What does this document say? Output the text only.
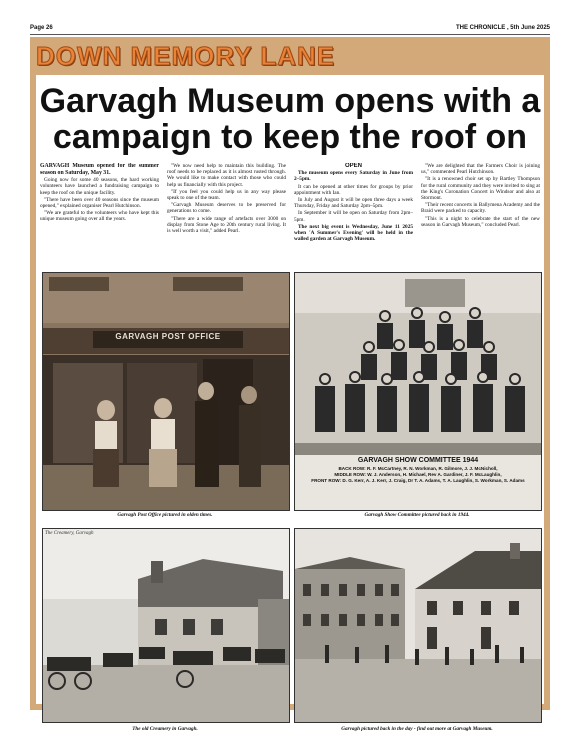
Page 26	THE CHRONICLE , 5th June 2025
DOWN MEMORY LANE
Garvagh Museum opens with a
campaign to keep the roof on

GARVAGH Museum opened for the summer season on Saturday, May 31.

Going now for some 40 seasons, the hard working volunteers have launched a fundraising campaign to keep the roof on the unique facility.

"There have been over 40 seasons since the museum opened," explained organiser Pearl Hutchinson.

"We are grateful to the volunteers who have kept this unique museum going over all the years.

"We now need help to maintain this building. The roof needs to be replaced as it is almost rusted through. We would like to make contact with those who could help us financially with this project.

"If you feel you could help us in any way please speak to one of the team.

"Garvagh Museum deserves to be preserved for generations to come.

"There are a wide range of artefacts over 3000 on display from Stone Age to 20th century rural living. It is well worth a visit," added Pearl.

OPEN

The museum opens every Saturday in June from 2–5pm.

It can be opened at other times for groups by prior appointment with Ian.

In July and August it will be open three days a week Thursday, Friday and Saturday 2pm–5pm.

In September it will be open on Saturday from 2pm–5pm.

The next big event is Wednesday, June 11 2025 when 'A Summer's Evening' will be held in the walled garden at Garvagh Museum.

"We are delighted that the Farmers Choir is joining us," commented Pearl Hutchinson.

"It is a renowned choir set up by Bartley Thompson for the rural community and they were invited to sing at the King's Coronation Concert in Windsor and also at Stormont.

"Their recent concerts in Ballymena Academy and the Braid were packed to capacity.

"This is a night to celebrate the start of the new season in Garvagh Museum," concluded Pearl.

GARVAGH POST OFFICE
Garvagh Post Office pictured in olden times.
GARVAGH SHOW COMMITTEE 1944
BACK ROW: R. F. McCartney, R. N. Workman, R. Gilmore, J. J. McNicholl,
MIDDLE ROW: W. J. Anderson, H. Michael, Rev A. Gardiner, J. F. McLaughlin,
FRONT ROW: D. G. Kerr, A. J. Kerr, J. Craig, Dr T. A. Adams, T. A. Laughlin, S. Workman, S. Adams
Garvagh Show Committee pictured back in 1944.
The Creamery, Garvagh
The old Creamery in Garvagh.	Garvagh pictured back in the day - find out more at Garvagh Museum.
